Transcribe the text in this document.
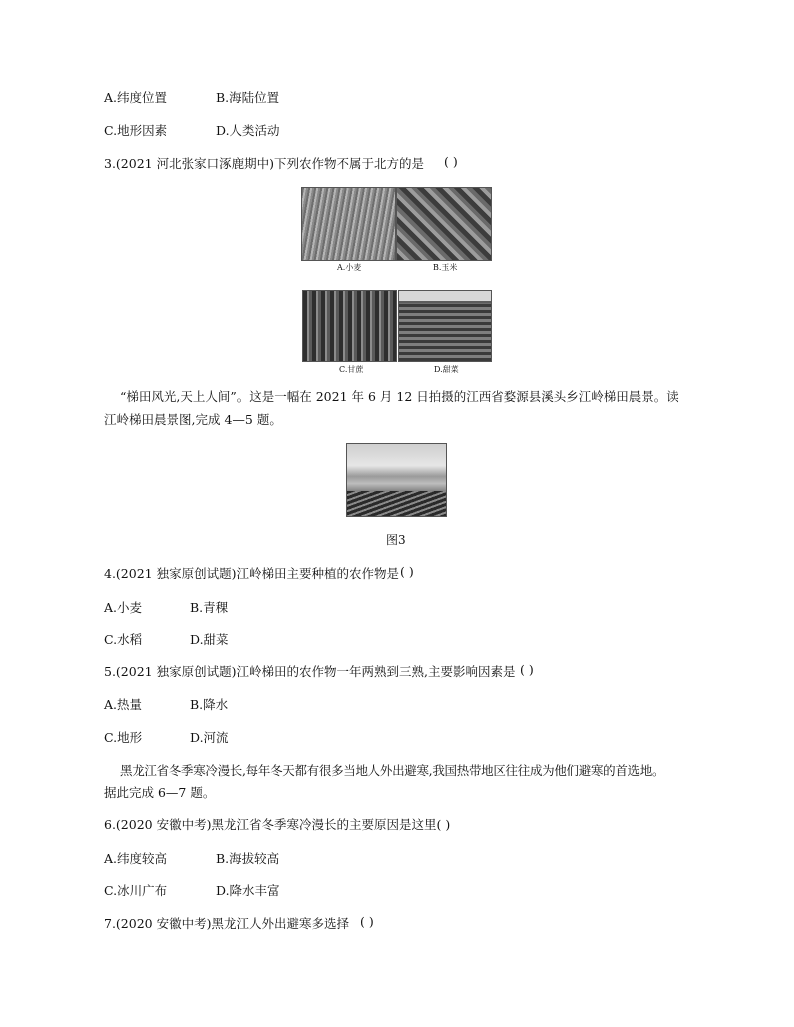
A.纬度位置	B.海陆位置
C.地形因素	D.人类活动
3.(2021 河北张家口涿鹿期中)下列农作物不属于北方的是 ( )
A.小麦	B.玉米
C.甘蔗	D.甜菜
“梯田风光,天上人间”。这是一幅在 2021 年 6 月 12 日拍摄的江西省婺源县溪头乡江岭梯田晨景。读
江岭梯田晨景图,完成 4—5 题。
图3
4.(2021 独家原创试题)江岭梯田主要种植的农作物是 ( )
A.小麦	B.青稞
C.水稻	D.甜菜
5.(2021 独家原创试题)江岭梯田的农作物一年两熟到三熟,主要影响因素是 ( )
A.热量	B.降水
C.地形	D.河流
黑龙江省冬季寒冷漫长,每年冬天都有很多当地人外出避寒,我国热带地区往往成为他们避寒的首选地。
据此完成 6—7 题。
6.(2020 安徽中考)黑龙江省冬季寒冷漫长的主要原因是这里( )
A.纬度较高	B.海拔较高
C.冰川广布	D.降水丰富
7.(2020 安徽中考)黑龙江人外出避寒多选择 ( )
